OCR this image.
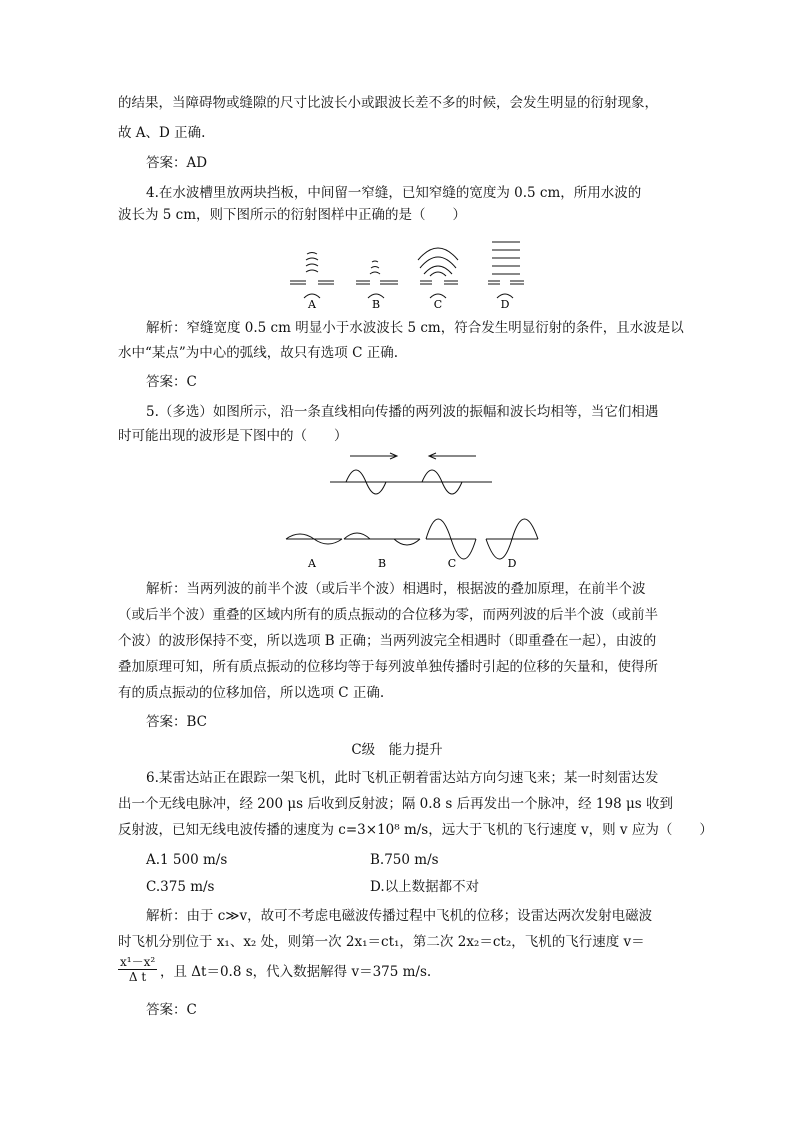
的结果，当障碍物或缝隙的尺寸比波长小或跟波长差不多的时候，会发生明显的衍射现象，
故 A、D 正确.
答案：AD
4.在水波槽里放两块挡板，中间留一窄缝，已知窄缝的宽度为 0.5 cm，所用水波的
波长为 5 cm，则下图所示的衍射图样中正确的是（　　）
A	B	C	D
解析：窄缝宽度 0.5 cm 明显小于水波波长 5 cm，符合发生明显衍射的条件，且水波是以
水中“某点”为中心的弧线，故只有选项 C 正确.
答案：C
5.（多选）如图所示，沿一条直线相向传播的两列波的振幅和波长均相等，当它们相遇
时可能出现的波形是下图中的（　　）
A	B	C	D
解析：当两列波的前半个波（或后半个波）相遇时，根据波的叠加原理，在前半个波
（或后半个波）重叠的区域内所有的质点振动的合位移为零，而两列波的后半个波（或前半
个波）的波形保持不变，所以选项 B 正确；当两列波完全相遇时（即重叠在一起），由波的
叠加原理可知，所有质点振动的位移均等于每列波单独传播时引起的位移的矢量和，使得所
有的质点振动的位移加倍，所以选项 C 正确.
答案：BC
C级　能力提升
6.某雷达站正在跟踪一架飞机，此时飞机正朝着雷达站方向匀速飞来；某一时刻雷达发
出一个无线电脉冲，经 200 μs 后收到反射波；隔 0.8 s 后再发出一个脉冲，经 198 μs 收到
反射波，已知无线电波传播的速度为 c=3×10⁸ m/s，远大于飞机的飞行速度 v，则 v 应为（　　）
A.1 500 m/s	B.750 m/s
C.375 m/s	D.以上数据都不对
解析：由于 c≫v，故可不考虑电磁波传播过程中飞机的位移；设雷达两次发射电磁波
时飞机分别位于 x₁、x₂ 处，则第一次 2x₁＝ct₁，第二次 2x₂＝ct₂，飞机的飞行速度 v＝
$\frac{\text{x¹－x²}}{\text{Δ t}}$ ，且 Δt＝0.8 s，代入数据解得 v＝375 m/s.
答案：C
